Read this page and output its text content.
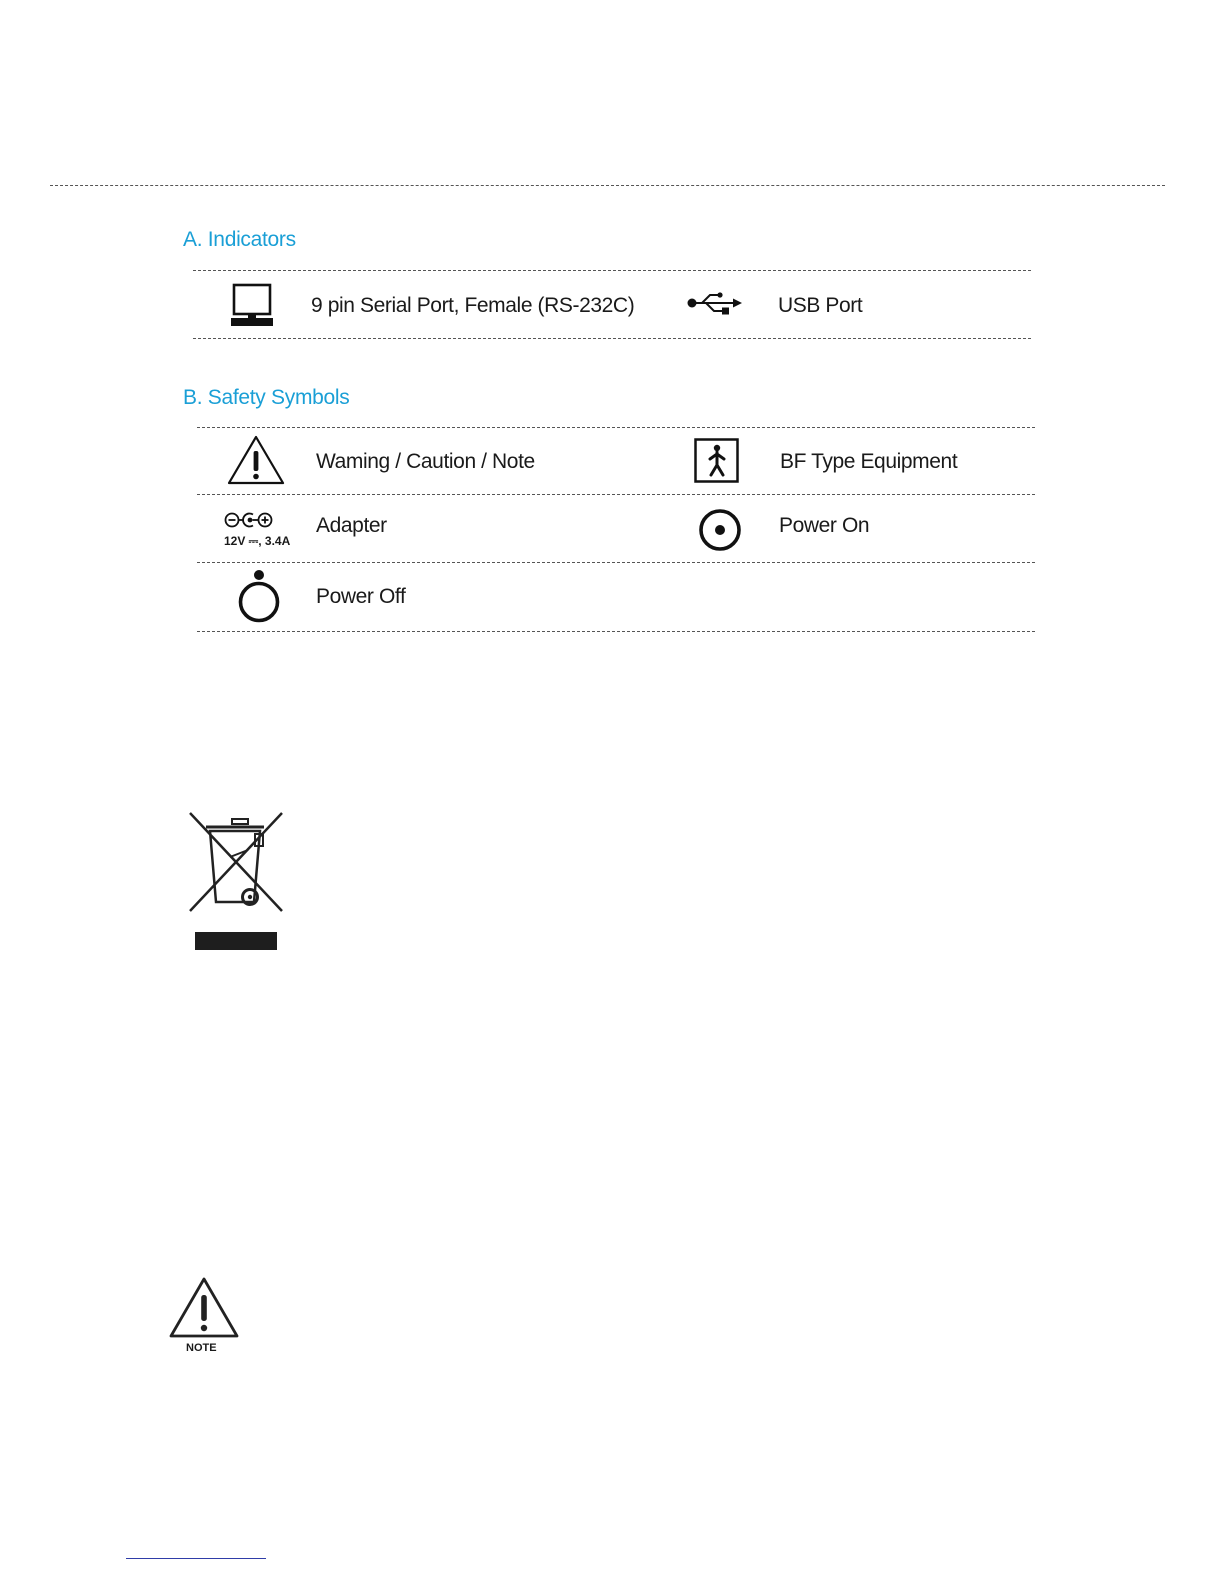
A. Indicators
9 pin Serial Port, Female (RS-232C)	USB Port
B. Safety Symbols
Waming / Caution / Note	BF Type Equipment
12V ⎓, 3.4A
Adapter	Power On
Power Off
NOTE
